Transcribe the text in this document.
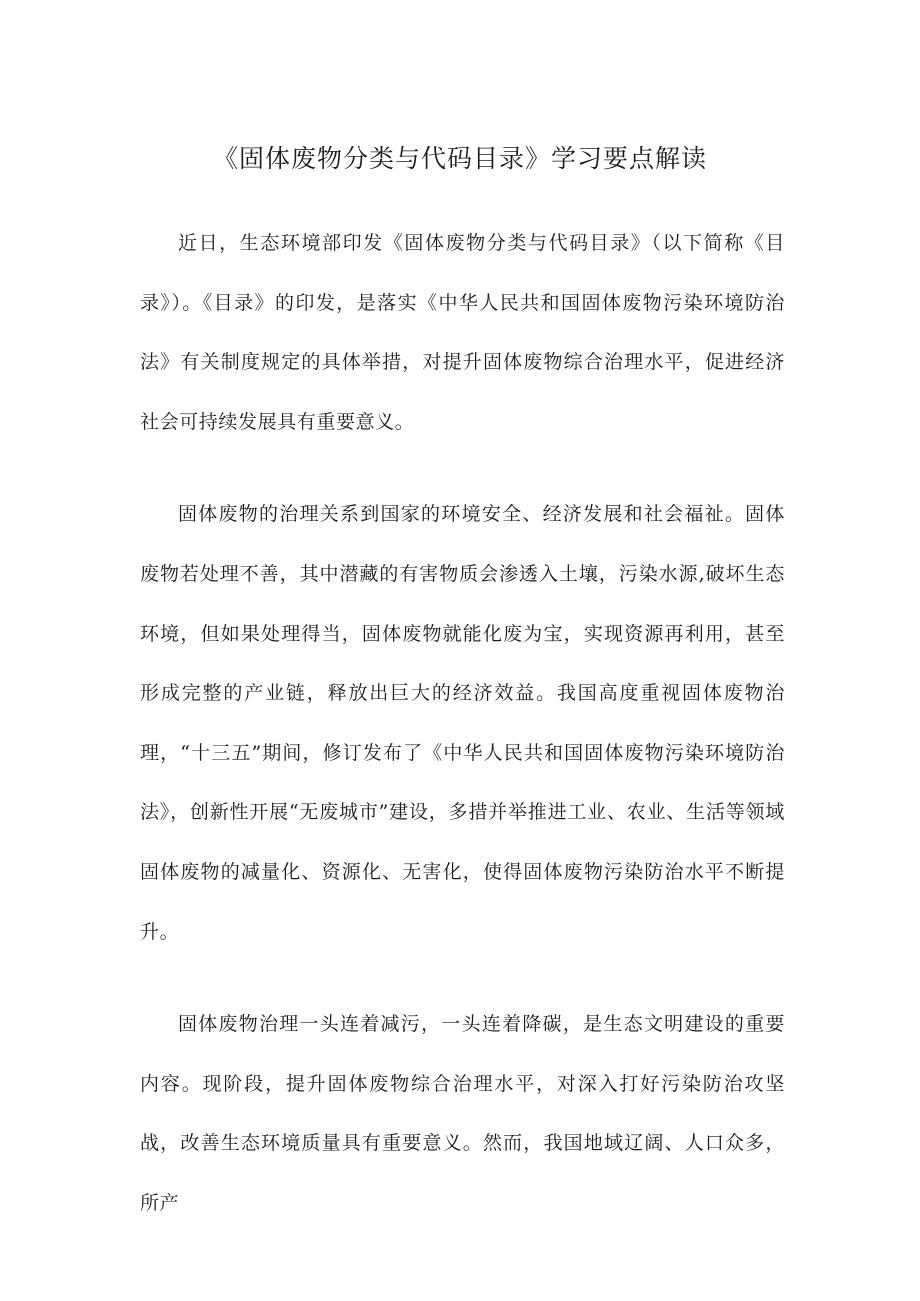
《固体废物分类与代码目录》学习要点解读

近日，生态环境部印发《固体废物分类与代码目录》（以下简称《目录》）。《目录》的印发，是落实《中华人民共和国固体废物污染环境防治法》有关制度规定的具体举措，对提升固体废物综合治理水平，促进经济社会可持续发展具有重要意义。

固体废物的治理关系到国家的环境安全、经济发展和社会福祉。固体废物若处理不善，其中潜藏的有害物质会渗透入土壤，污染水源,破坏生态环境，但如果处理得当，固体废物就能化废为宝，实现资源再利用，甚至形成完整的产业链，释放出巨大的经济效益。我国高度重视固体废物治理，“十三五”期间，修订发布了《中华人民共和国固体废物污染环境防治法》，创新性开展“无废城市”建设，多措并举推进工业、农业、生活等领域固体废物的减量化、资源化、无害化，使得固体废物污染防治水平不断提升。

固体废物治理一头连着减污，一头连着降碳，是生态文明建设的重要内容。现阶段，提升固体废物综合治理水平，对深入打好污染防治攻坚战，改善生态环境质量具有重要意义。然而，我国地域辽阔、人口众多，所产
